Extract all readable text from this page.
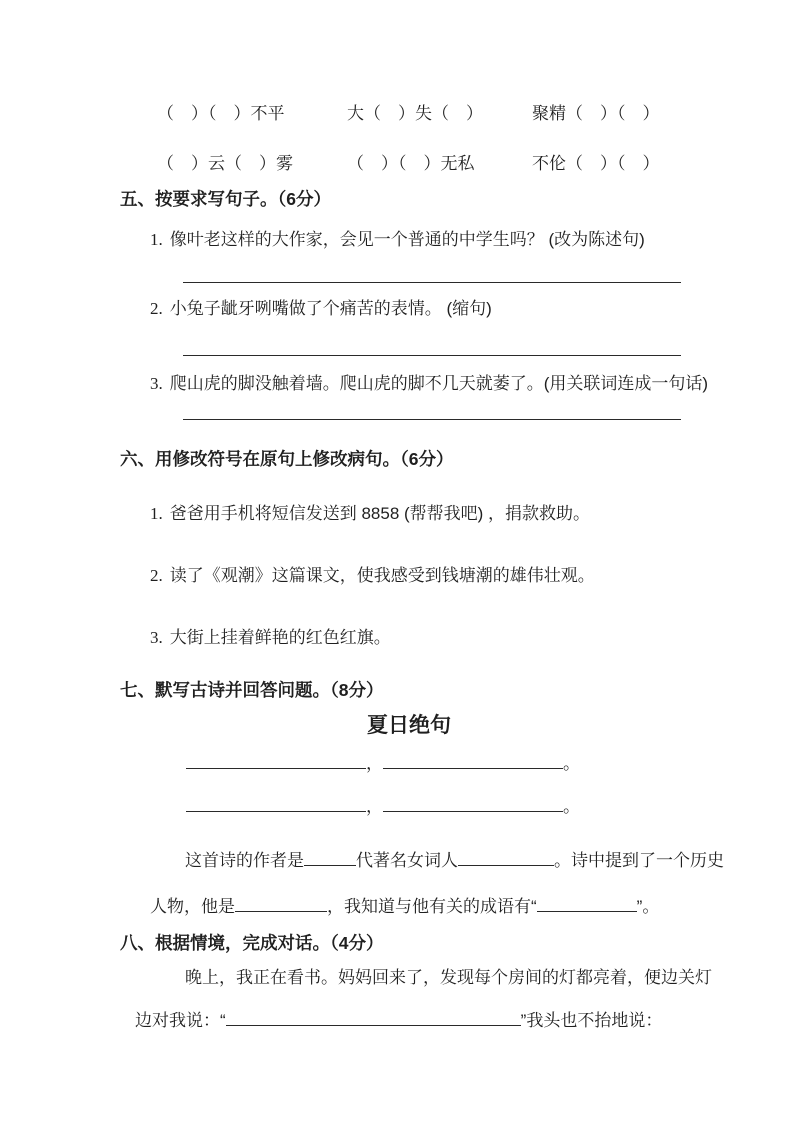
（　）（　）不平	大（　）失（　）	聚精（　）（　）
（　）云（　）雾	（　）（　）无私	不伦（　）（　）
五、按要求写句子。（6分）
1. 像叶老这样的大作家，会见一个普通的中学生吗？ (改为陈述句)
2. 小兔子龇牙咧嘴做了个痛苦的表情。 (缩句)
3. 爬山虎的脚没触着墙。爬山虎的脚不几天就萎了。(用关联词连成一句话)
六、用修改符号在原句上修改病句。（6分）
1. 爸爸用手机将短信发送到 8858 (帮帮我吧) ，捐款救助。
2. 读了《观潮》这篇课文，使我感受到钱塘潮的雄伟壮观。
3. 大街上挂着鲜艳的红色红旗。
七、默写古诗并回答问题。（8分）
夏日绝句
，	。
，	。
这首诗的作者是	代著名女词人	。诗中提到了一个历史
人物，他是	，我知道与他有关的成语有“	”。
八、根据情境，完成对话。（4分）
晚上，我正在看书。妈妈回来了，发现每个房间的灯都亮着，便边关灯
边对我说：“	”我头也不抬地说：
